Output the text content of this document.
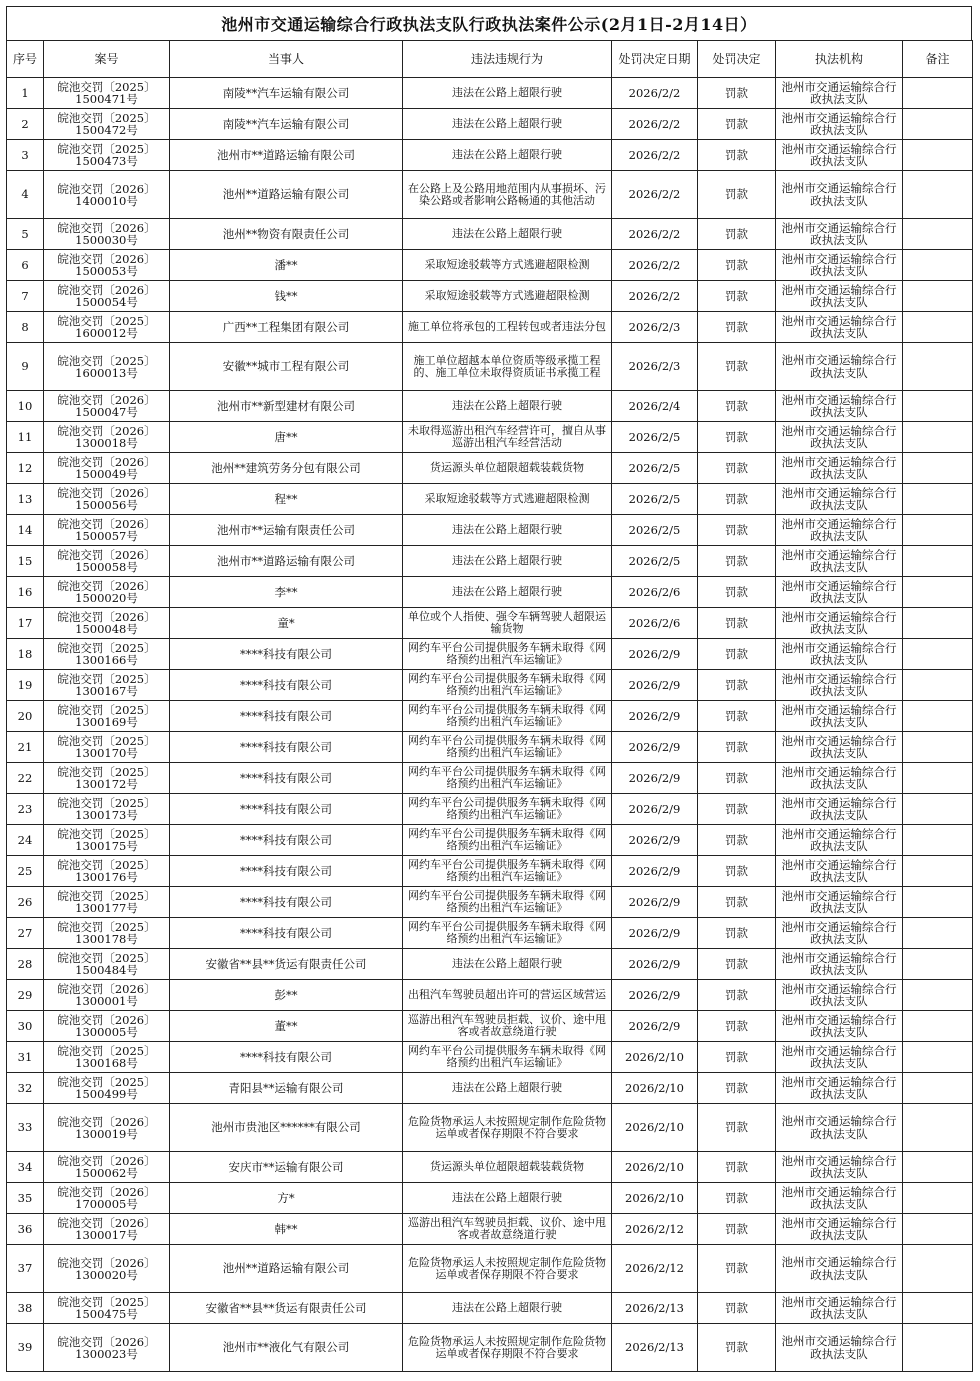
池州市交通运输综合行政执法支队行政执法案件公示(2月1日-2月14日）
序号	案号	当事人	违法违规行为	处罚决定日期	处罚决定	执法机构	备注
1	皖池交罚〔2025〕1500471号	南陵**汽车运输有限公司	违法在公路上超限行驶	2026/2/2	罚款	池州市交通运输综合行政执法支队	
2	皖池交罚〔2025〕1500472号	南陵**汽车运输有限公司	违法在公路上超限行驶	2026/2/2	罚款	池州市交通运输综合行政执法支队	
3	皖池交罚〔2025〕1500473号	池州市**道路运输有限公司	违法在公路上超限行驶	2026/2/2	罚款	池州市交通运输综合行政执法支队	
4	皖池交罚〔2026〕1400010号	池州**道路运输有限公司	在公路上及公路用地范围内从事损坏、污染公路或者影响公路畅通的其他活动	2026/2/2	罚款	池州市交通运输综合行政执法支队	
5	皖池交罚〔2026〕1500030号	池州**物资有限责任公司	违法在公路上超限行驶	2026/2/2	罚款	池州市交通运输综合行政执法支队	
6	皖池交罚〔2026〕1500053号	潘**	采取短途驳载等方式逃避超限检测	2026/2/2	罚款	池州市交通运输综合行政执法支队	
7	皖池交罚〔2026〕1500054号	钱**	采取短途驳载等方式逃避超限检测	2026/2/2	罚款	池州市交通运输综合行政执法支队	
8	皖池交罚〔2025〕1600012号	广西**工程集团有限公司	施工单位将承包的工程转包或者违法分包	2026/2/3	罚款	池州市交通运输综合行政执法支队	
9	皖池交罚〔2025〕1600013号	安徽**城市工程有限公司	施工单位超越本单位资质等级承揽工程的、施工单位未取得资质证书承揽工程	2026/2/3	罚款	池州市交通运输综合行政执法支队	
10	皖池交罚〔2026〕1500047号	池州市**新型建材有限公司	违法在公路上超限行驶	2026/2/4	罚款	池州市交通运输综合行政执法支队	
11	皖池交罚〔2026〕1300018号	唐**	未取得巡游出租汽车经营许可，擅自从事巡游出租汽车经营活动	2026/2/5	罚款	池州市交通运输综合行政执法支队	
12	皖池交罚〔2026〕1500049号	池州**建筑劳务分包有限公司	货运源头单位超限超载装载货物	2026/2/5	罚款	池州市交通运输综合行政执法支队	
13	皖池交罚〔2026〕1500056号	程**	采取短途驳载等方式逃避超限检测	2026/2/5	罚款	池州市交通运输综合行政执法支队	
14	皖池交罚〔2026〕1500057号	池州市**运输有限责任公司	违法在公路上超限行驶	2026/2/5	罚款	池州市交通运输综合行政执法支队	
15	皖池交罚〔2026〕1500058号	池州市**道路运输有限公司	违法在公路上超限行驶	2026/2/5	罚款	池州市交通运输综合行政执法支队	
16	皖池交罚〔2026〕1500020号	李**	违法在公路上超限行驶	2026/2/6	罚款	池州市交通运输综合行政执法支队	
17	皖池交罚〔2026〕1500048号	童*	单位或个人指使、强令车辆驾驶人超限运输货物	2026/2/6	罚款	池州市交通运输综合行政执法支队	
18	皖池交罚〔2025〕1300166号	****科技有限公司	网约车平台公司提供服务车辆未取得《网络预约出租汽车运输证》	2026/2/9	罚款	池州市交通运输综合行政执法支队	
19	皖池交罚〔2025〕1300167号	****科技有限公司	网约车平台公司提供服务车辆未取得《网络预约出租汽车运输证》	2026/2/9	罚款	池州市交通运输综合行政执法支队	
20	皖池交罚〔2025〕1300169号	****科技有限公司	网约车平台公司提供服务车辆未取得《网络预约出租汽车运输证》	2026/2/9	罚款	池州市交通运输综合行政执法支队	
21	皖池交罚〔2025〕1300170号	****科技有限公司	网约车平台公司提供服务车辆未取得《网络预约出租汽车运输证》	2026/2/9	罚款	池州市交通运输综合行政执法支队	
22	皖池交罚〔2025〕1300172号	****科技有限公司	网约车平台公司提供服务车辆未取得《网络预约出租汽车运输证》	2026/2/9	罚款	池州市交通运输综合行政执法支队	
23	皖池交罚〔2025〕1300173号	****科技有限公司	网约车平台公司提供服务车辆未取得《网络预约出租汽车运输证》	2026/2/9	罚款	池州市交通运输综合行政执法支队	
24	皖池交罚〔2025〕1300175号	****科技有限公司	网约车平台公司提供服务车辆未取得《网络预约出租汽车运输证》	2026/2/9	罚款	池州市交通运输综合行政执法支队	
25	皖池交罚〔2025〕1300176号	****科技有限公司	网约车平台公司提供服务车辆未取得《网络预约出租汽车运输证》	2026/2/9	罚款	池州市交通运输综合行政执法支队	
26	皖池交罚〔2025〕1300177号	****科技有限公司	网约车平台公司提供服务车辆未取得《网络预约出租汽车运输证》	2026/2/9	罚款	池州市交通运输综合行政执法支队	
27	皖池交罚〔2025〕1300178号	****科技有限公司	网约车平台公司提供服务车辆未取得《网络预约出租汽车运输证》	2026/2/9	罚款	池州市交通运输综合行政执法支队	
28	皖池交罚〔2025〕1500484号	安徽省**县**货运有限责任公司	违法在公路上超限行驶	2026/2/9	罚款	池州市交通运输综合行政执法支队	
29	皖池交罚〔2026〕1300001号	彭**	出租汽车驾驶员超出许可的营运区域营运	2026/2/9	罚款	池州市交通运输综合行政执法支队	
30	皖池交罚〔2026〕1300005号	董**	巡游出租汽车驾驶员拒载、议价、途中甩客或者故意绕道行驶	2026/2/9	罚款	池州市交通运输综合行政执法支队	
31	皖池交罚〔2025〕1300168号	****科技有限公司	网约车平台公司提供服务车辆未取得《网络预约出租汽车运输证》	2026/2/10	罚款	池州市交通运输综合行政执法支队	
32	皖池交罚〔2025〕1500499号	青阳县**运输有限公司	违法在公路上超限行驶	2026/2/10	罚款	池州市交通运输综合行政执法支队	
33	皖池交罚〔2026〕1300019号	池州市贵池区******有限公司	危险货物承运人未按照规定制作危险货物运单或者保存期限不符合要求	2026/2/10	罚款	池州市交通运输综合行政执法支队	
34	皖池交罚〔2026〕1500062号	安庆市**运输有限公司	货运源头单位超限超载装载货物	2026/2/10	罚款	池州市交通运输综合行政执法支队	
35	皖池交罚〔2026〕1700005号	方*	违法在公路上超限行驶	2026/2/10	罚款	池州市交通运输综合行政执法支队	
36	皖池交罚〔2026〕1300017号	韩**	巡游出租汽车驾驶员拒载、议价、途中甩客或者故意绕道行驶	2026/2/12	罚款	池州市交通运输综合行政执法支队	
37	皖池交罚〔2026〕1300020号	池州**道路运输有限公司	危险货物承运人未按照规定制作危险货物运单或者保存期限不符合要求	2026/2/12	罚款	池州市交通运输综合行政执法支队	
38	皖池交罚〔2025〕1500475号	安徽省**县**货运有限责任公司	违法在公路上超限行驶	2026/2/13	罚款	池州市交通运输综合行政执法支队	
39	皖池交罚〔2026〕1300023号	池州市**液化气有限公司	危险货物承运人未按照规定制作危险货物运单或者保存期限不符合要求	2026/2/13	罚款	池州市交通运输综合行政执法支队	
